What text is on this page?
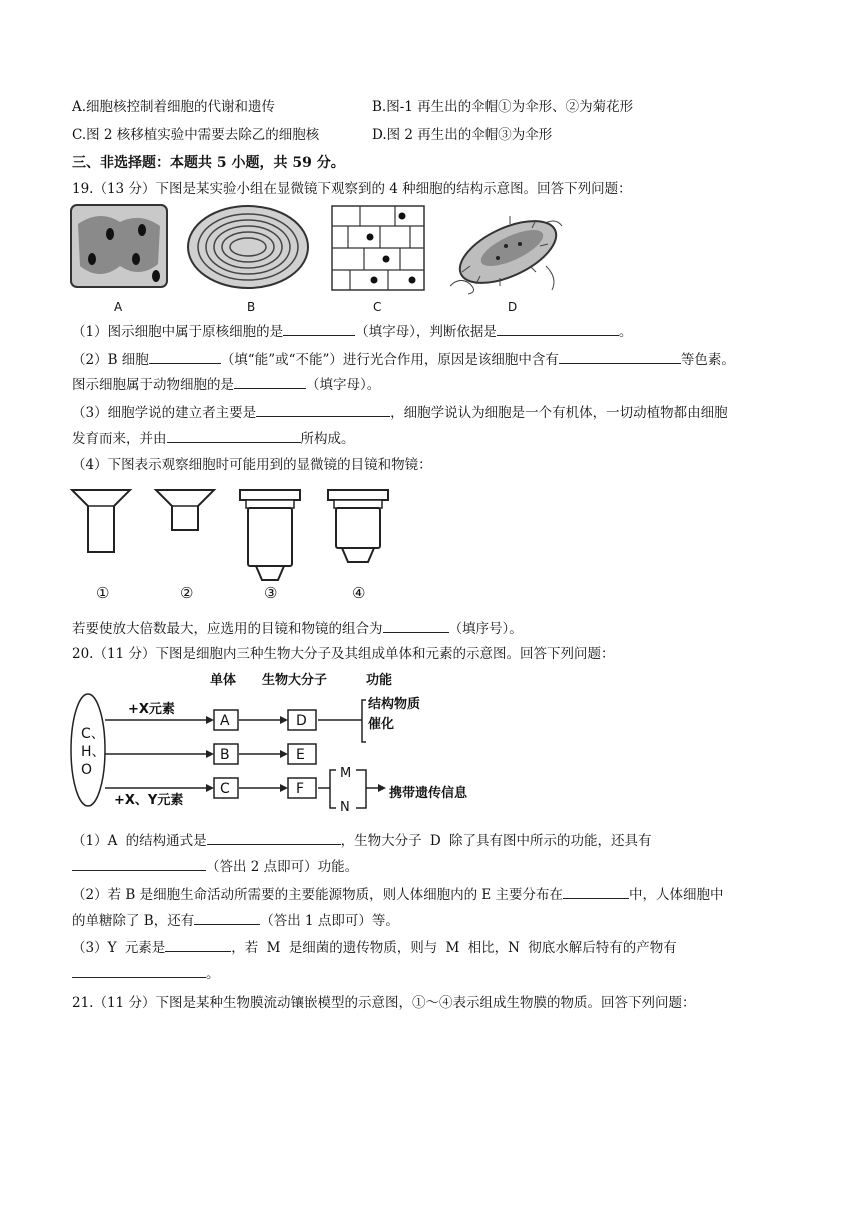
A.细胞核控制着细胞的代谢和遗传	B.图-1 再生出的伞帽①为伞形、②为菊花形
C.图 2 核移植实验中需要去除乙的细胞核	D.图 2 再生出的伞帽③为伞形
三、非选择题：本题共 5 小题，共 59 分。
19.（13 分）下图是某实验小组在显微镜下观察到的 4 种细胞的结构示意图。回答下列问题：
A	B	C	D
（1）图示细胞中属于原核细胞的是	（填字母），判断依据是	。
（2）B 细胞	（填“能”或“不能”）进行光合作用，原因是该细胞中含有	等色素。
图示细胞属于动物细胞的是	（填字母）。
（3）细胞学说的建立者主要是	，细胞学说认为细胞是一个有机体，一切动植物都由细胞
发育而来，并由	所构成。
（4）下图表示观察细胞时可能用到的显微镜的目镜和物镜：
①	②	③	④
若要使放大倍数最大，应选用的目镜和物镜的组合为	（填序号）。
20.（11 分）下图是细胞内三种生物大分子及其组成单体和元素的示意图。回答下列问题：
单体 生物大分子	功能
C、
H、
O
+X元素
+X、Y元素
A
B
C
D
E
F
结构物质
催化
M
N
携带遗传信息
（1）A 的结构通式是	，生物大分子 D 除了具有图中所示的功能，还具有
（答出 2 点即可）功能。
（2）若 B 是细胞生命活动所需要的主要能源物质，则人体细胞内的 E 主要分布在	中，人体细胞中
的单糖除了 B，还有	（答出 1 点即可）等。
（3）Y 元素是	，若 M 是细菌的遗传物质，则与 M 相比，N 彻底水解后特有的产物有
。
21.（11 分）下图是某种生物膜流动镶嵌模型的示意图，①～④表示组成生物膜的物质。回答下列问题：
